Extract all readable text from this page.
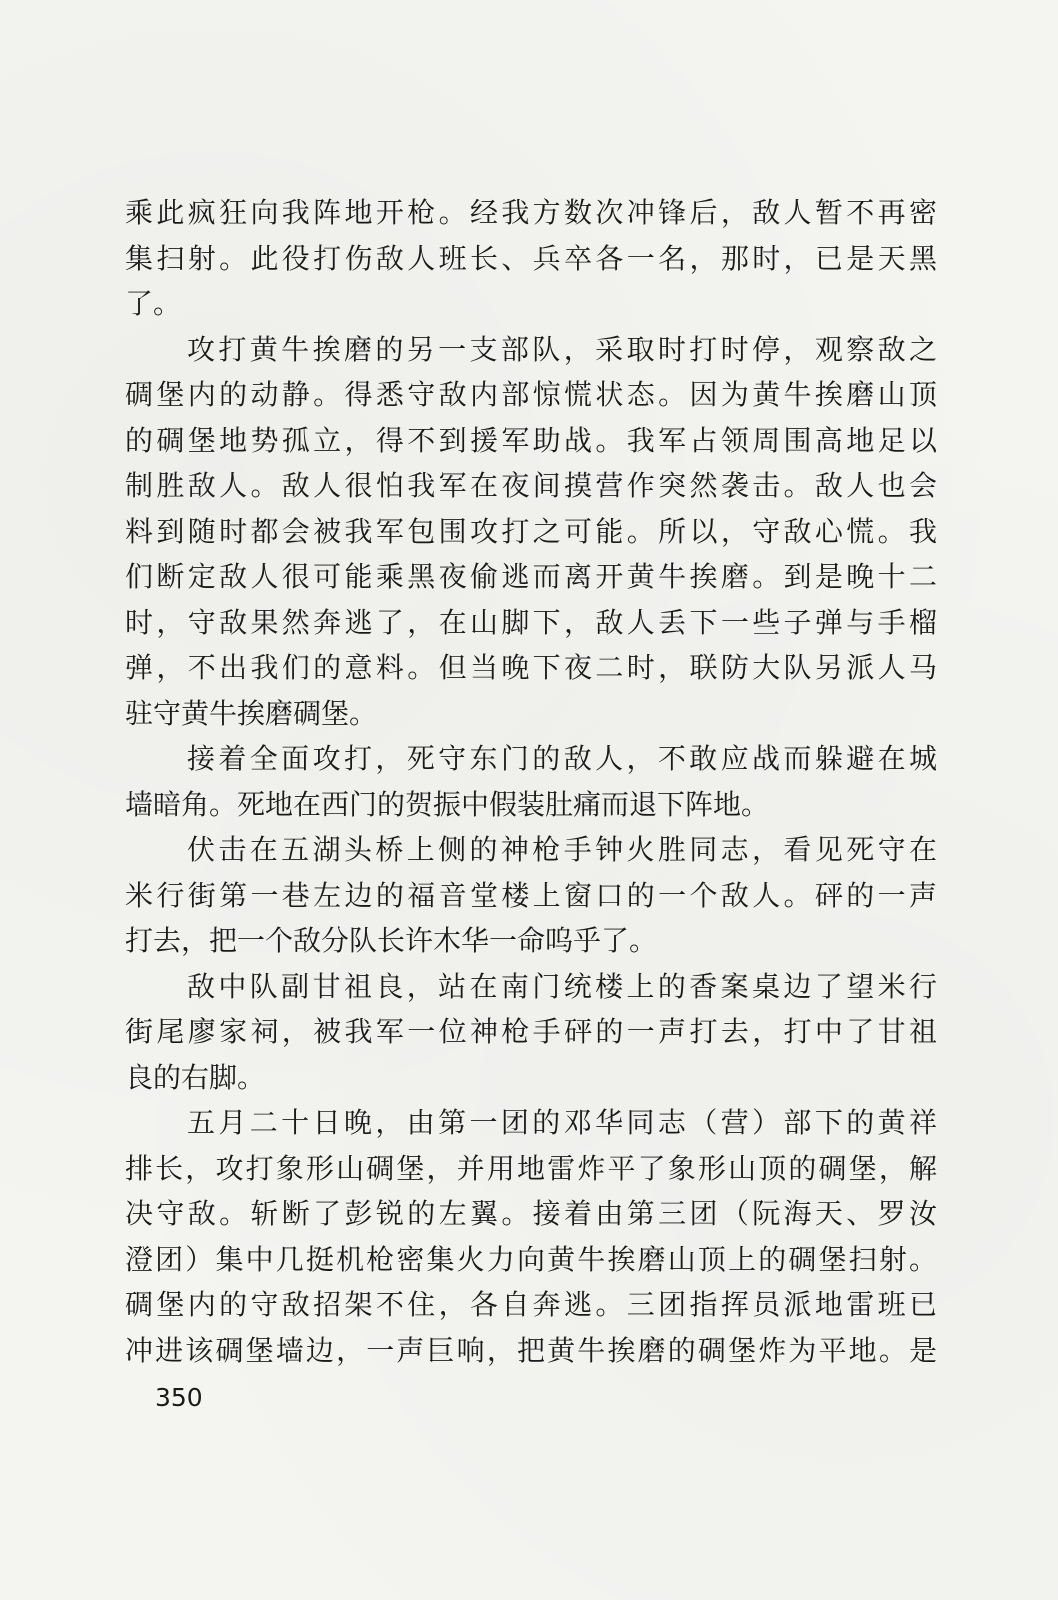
乘此疯狂向我阵地开枪。经我方数次冲锋后，敌人暂不再密
集扫射。此役打伤敌人班长、兵卒各一名，那时，已是天黑
了。
攻打黄牛挨磨的另一支部队，采取时打时停，观察敌之
碉堡内的动静。得悉守敌内部惊慌状态。因为黄牛挨磨山顶
的碉堡地势孤立，得不到援军助战。我军占领周围高地足以
制胜敌人。敌人很怕我军在夜间摸营作突然袭击。敌人也会
料到随时都会被我军包围攻打之可能。所以，守敌心慌。我
们断定敌人很可能乘黑夜偷逃而离开黄牛挨磨。到是晚十二
时，守敌果然奔逃了，在山脚下，敌人丢下一些子弹与手榴
弹，不出我们的意料。但当晚下夜二时，联防大队另派人马
驻守黄牛挨磨碉堡。
接着全面攻打，死守东门的敌人，不敢应战而躲避在城
墙暗角。死地在西门的贺振中假装肚痛而退下阵地。
伏击在五湖头桥上侧的神枪手钟火胜同志，看见死守在
米行街第一巷左边的福音堂楼上窗口的一个敌人。砰的一声
打去，把一个敌分队长许木华一命呜乎了。
敌中队副甘祖良，站在南门统楼上的香案桌边了望米行
街尾廖家祠，被我军一位神枪手砰的一声打去，打中了甘祖
良的右脚。
五月二十日晚，由第一团的邓华同志（营）部下的黄祥
排长，攻打象形山碉堡，并用地雷炸平了象形山顶的碉堡，解
决守敌。斩断了彭锐的左翼。接着由第三团（阮海天、罗汝
澄团）集中几挺机枪密集火力向黄牛挨磨山顶上的碉堡扫射。
碉堡内的守敌招架不住，各自奔逃。三团指挥员派地雷班已
冲进该碉堡墙边，一声巨响，把黄牛挨磨的碉堡炸为平地。是
350
